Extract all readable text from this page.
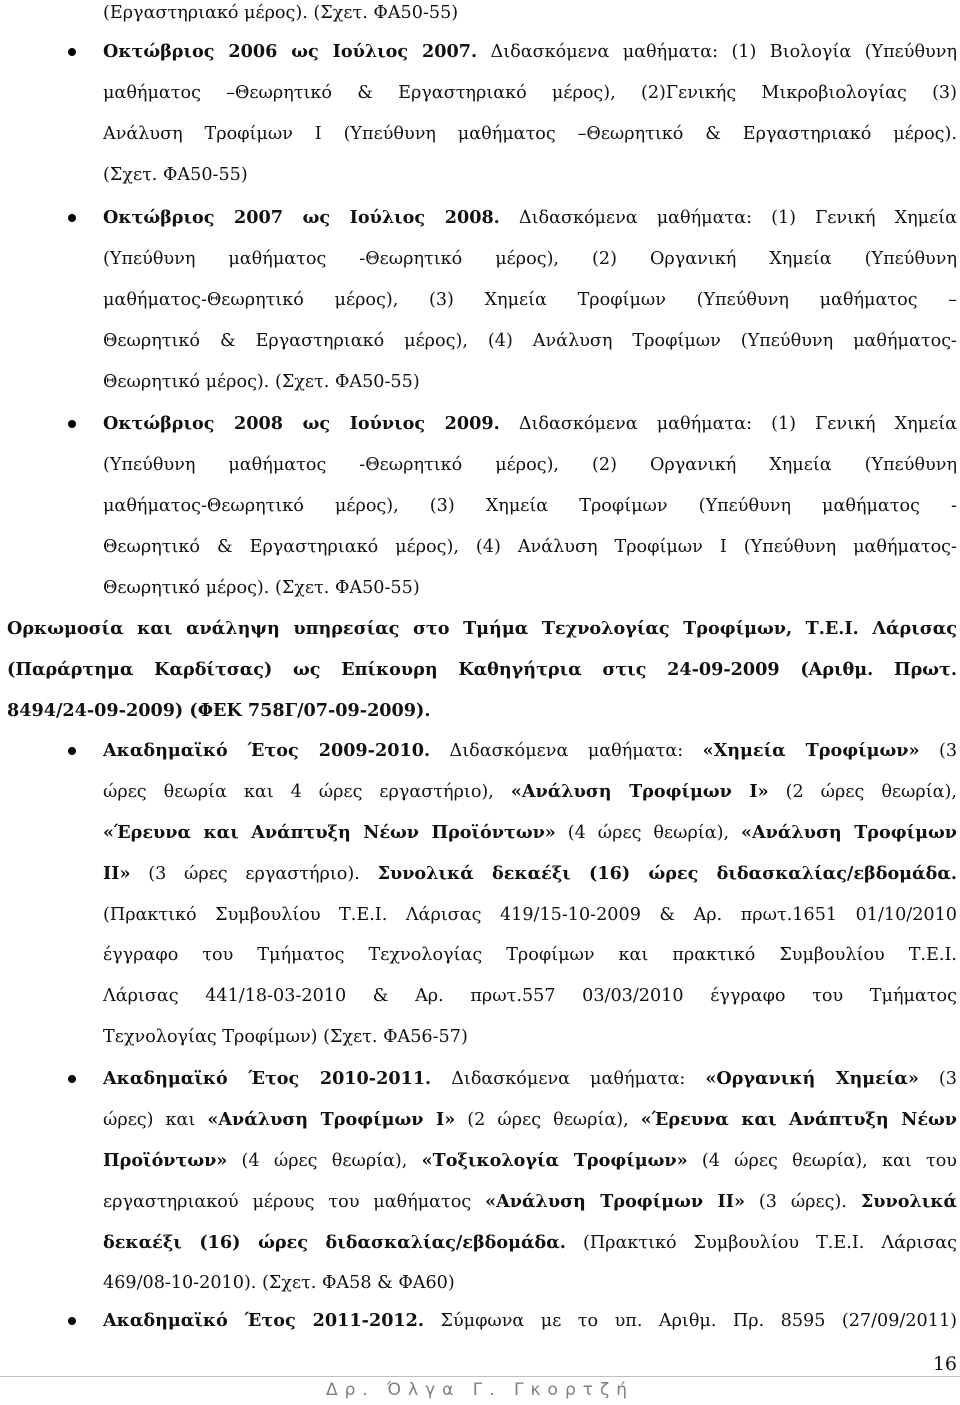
(Εργαστηριακό μέρος). (Σχετ. ΦΑ50-55)
Οκτώβριος 2006 ως Ιούλιος 2007. Διδασκόμενα μαθήματα: (1) Βιολογία (Υπεύθυνη
μαθήματος –Θεωρητικό & Εργαστηριακό μέρος), (2)Γενικής Μικροβιολογίας (3)
Ανάλυση Τροφίμων Ι (Υπεύθυνη μαθήματος –Θεωρητικό & Εργαστηριακό μέρος).
(Σχετ. ΦΑ50-55)
Οκτώβριος 2007 ως Ιούλιος 2008. Διδασκόμενα μαθήματα: (1) Γενική Χημεία
(Υπεύθυνη μαθήματος -Θεωρητικό μέρος), (2) Οργανική Χημεία (Υπεύθυνη
μαθήματος-Θεωρητικό μέρος), (3) Χημεία Τροφίμων (Υπεύθυνη μαθήματος –
Θεωρητικό & Εργαστηριακό μέρος), (4) Ανάλυση Τροφίμων (Υπεύθυνη μαθήματος-
Θεωρητικό μέρος). (Σχετ. ΦΑ50-55)
Οκτώβριος 2008 ως Ιούνιος 2009. Διδασκόμενα μαθήματα: (1) Γενική Χημεία
(Υπεύθυνη μαθήματος -Θεωρητικό μέρος), (2) Οργανική Χημεία (Υπεύθυνη
μαθήματος-Θεωρητικό μέρος), (3) Χημεία Τροφίμων (Υπεύθυνη μαθήματος -
Θεωρητικό & Εργαστηριακό μέρος), (4) Ανάλυση Τροφίμων Ι (Υπεύθυνη μαθήματος-
Θεωρητικό μέρος). (Σχετ. ΦΑ50-55)
Ορκωμοσία και ανάληψη υπηρεσίας στο Τμήμα Τεχνολογίας Τροφίμων, Τ.Ε.Ι. Λάρισας
(Παράρτημα Καρδίτσας) ως Επίκουρη Καθηγήτρια στις 24-09-2009 (Αριθμ. Πρωτ.
8494/24-09-2009) (ΦΕΚ 758Γ/07-09-2009).
Ακαδημαϊκό Έτος 2009-2010. Διδασκόμενα μαθήματα: «Χημεία Τροφίμων» (3
ώρες θεωρία και 4 ώρες εργαστήριο), «Ανάλυση Τροφίμων Ι» (2 ώρες θεωρία),
«Έρευνα και Ανάπτυξη Νέων Προϊόντων» (4 ώρες θεωρία), «Ανάλυση Τροφίμων
ΙΙ» (3 ώρες εργαστήριο). Συνολικά δεκαέξι (16) ώρες διδασκαλίας/εβδομάδα.
(Πρακτικό Συμβουλίου Τ.Ε.Ι. Λάρισας 419/15-10-2009 & Αρ. πρωτ.1651 01/10/2010
έγγραφο του Τμήματος Τεχνολογίας Τροφίμων και πρακτικό Συμβουλίου Τ.Ε.Ι.
Λάρισας 441/18-03-2010 & Αρ. πρωτ.557 03/03/2010 έγγραφο του Τμήματος
Τεχνολογίας Τροφίμων) (Σχετ. ΦΑ56-57)
Ακαδημαϊκό Έτος 2010-2011. Διδασκόμενα μαθήματα: «Οργανική Χημεία» (3
ώρες) και «Ανάλυση Τροφίμων Ι» (2 ώρες θεωρία), «Έρευνα και Ανάπτυξη Νέων
Προϊόντων» (4 ώρες θεωρία), «Τοξικολογία Τροφίμων» (4 ώρες θεωρία), και του
εργαστηριακού μέρους του μαθήματος «Ανάλυση Τροφίμων ΙΙ» (3 ώρες). Συνολικά
δεκαέξι (16) ώρες διδασκαλίας/εβδομάδα. (Πρακτικό Συμβουλίου Τ.Ε.Ι. Λάρισας
469/08-10-2010). (Σχετ. ΦΑ58 & ΦΑ60)
Ακαδημαϊκό Έτος 2011-2012. Σύμφωνα με το υπ. Αριθμ. Πρ. 8595 (27/09/2011)
16
Δρ. Όλγα Γ. Γκορτζή
